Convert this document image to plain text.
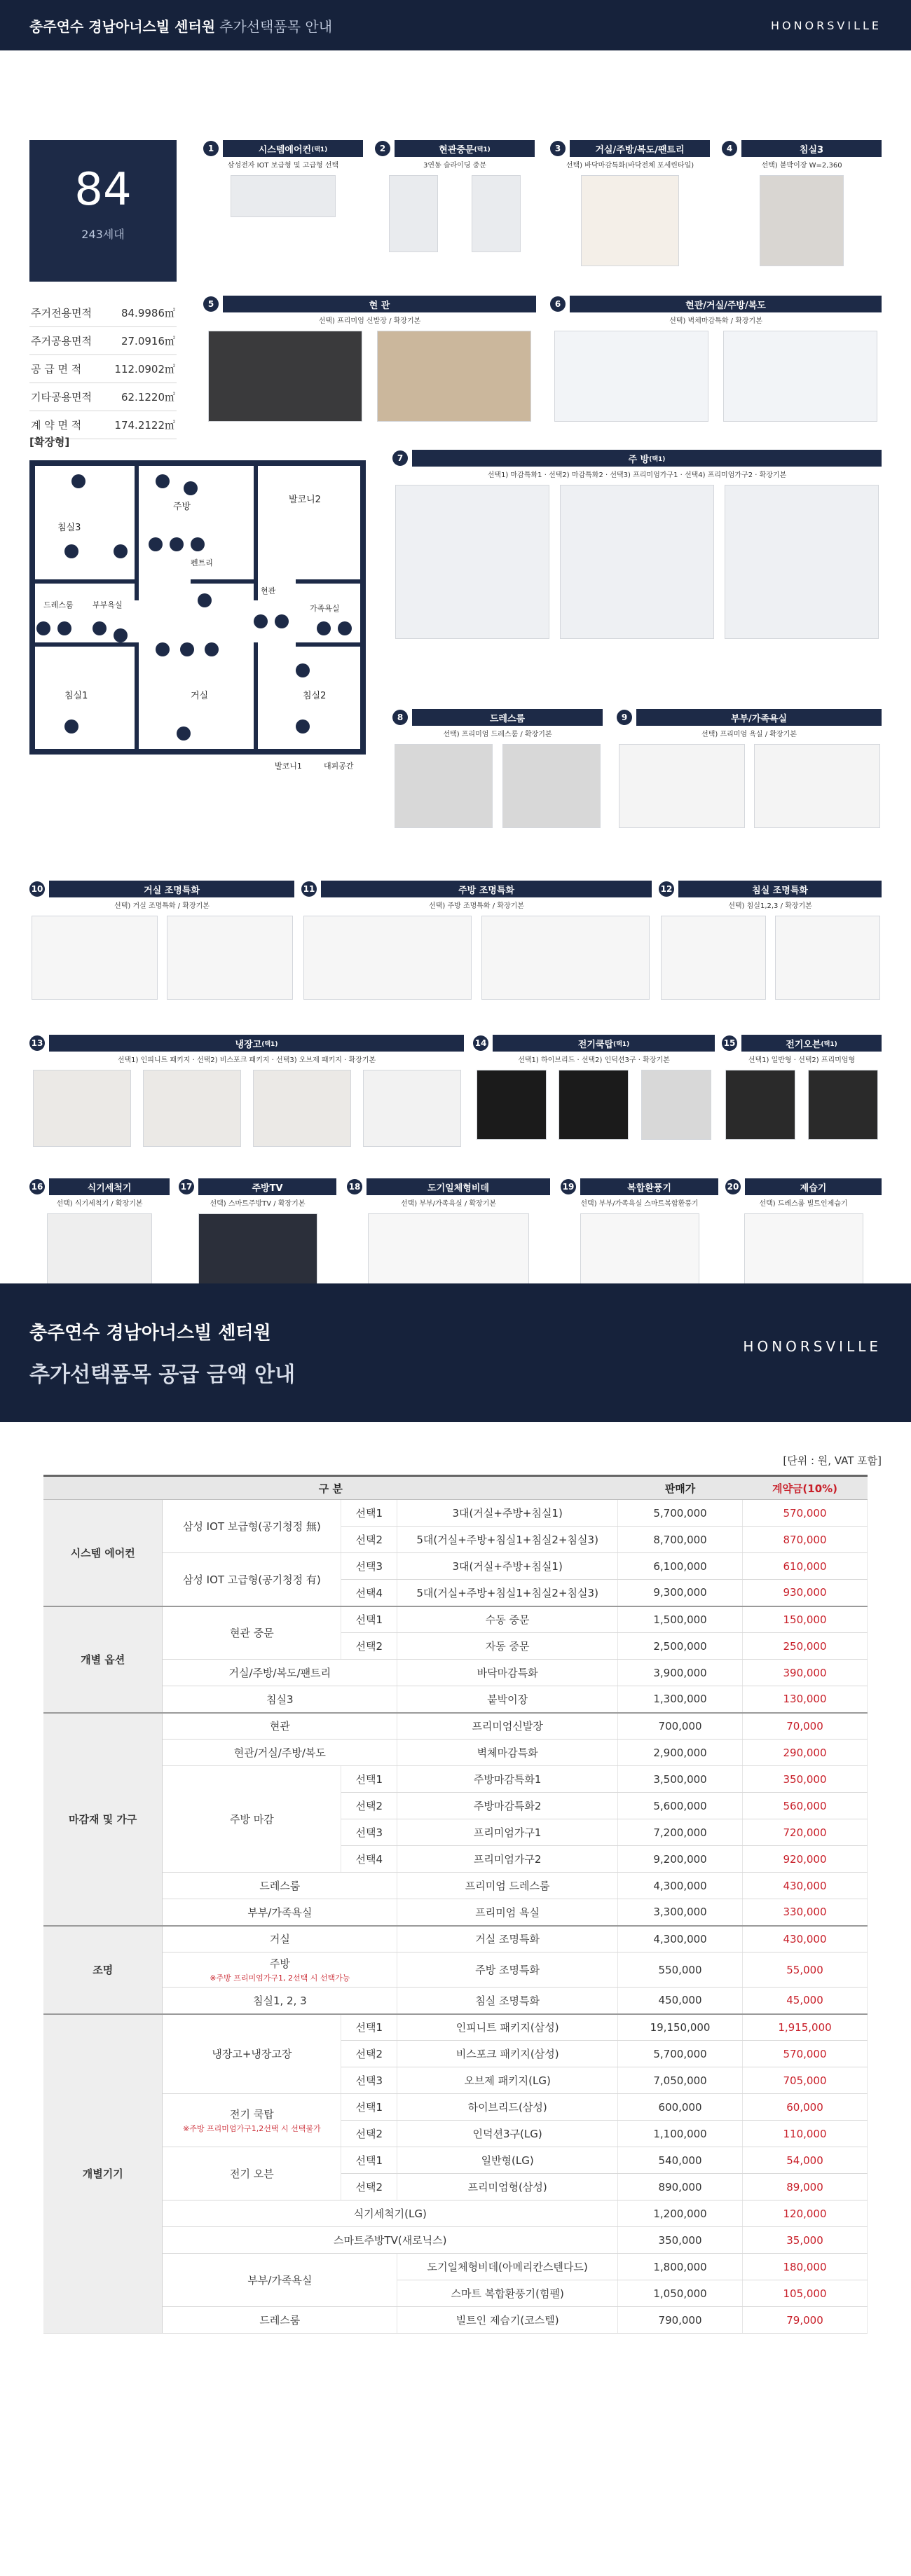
충주연수 경남아너스빌 센터원 추가선택품목 안내	HONORSVILLE
84
243세대
주거전용면적	84.9986㎡
주거공용면적	27.0916㎡
공 급 면 적	112.0902㎡
기타공용면적	62.1220㎡
계 약 면 적	174.2122㎡
[확장형]
침실3
주방
발코니2
펜트리
드레스룸 부부욕실
침실1	거실	침실2
현관
가족욕실
발코니1	대피공간
1	시스템에어컨 (택1)
삼성전자 IOT 보급형 및 고급형 선택
2	현관중문 (택1)
3연동 슬라이딩 중문
3	거실/주방/복도/팬트리
선택) 바닥마감특화(바닥전체 포세린타일)
4	침실3
선택) 붙박이장 W=2,360
5	현 관
선택) 프리미엄 신발장 / 확장기본
6	현관/거실/주방/복도
선택) 벽체마감특화 / 확장기본
7	주 방 (택1)
선택1) 마감특화1 · 선택2) 마감특화2 · 선택3) 프리미엄가구1 · 선택4) 프리미엄가구2 · 확장기본
8	드레스룸
선택) 프리미엄 드레스룸 / 확장기본
9	부부/가족욕실
선택) 프리미엄 욕실 / 확장기본
10	거실 조명특화
선택) 거실 조명특화 / 확장기본
11	주방 조명특화
선택) 주방 조명특화 / 확장기본
12	침실 조명특화
선택) 침실1,2,3 / 확장기본
13	냉장고 (택1)
선택1) 인피니트 패키지 · 선택2) 비스포크 패키지 · 선택3) 오브제 패키지 · 확장기본
14	전기쿡탑 (택1)
선택1) 하이브리드 · 선택2) 인덕션3구 · 확장기본
15	전기오븐 (택1)
선택1) 일반형 · 선택2) 프리미엄형
16	식기세척기
선택) 식기세척기 / 확장기본
17	주방TV
선택) 스마트주방TV / 확장기본
18	도기일체형비데
선택) 부부/가족욕실 / 확장기본
19	복합환풍기
선택) 부부/가족욕실 스마트복합환풍기
20	제습기
선택) 드레스룸 빌트인제습기
충주연수 경남아너스빌 센터원
추가선택품목 공급 금액 안내
HONORSVILLE
[단위 : 원, VAT 포함]
구 분				판매가	계약금(10%)
시스템 에어컨	삼성 IOT 보급형(공기청정 無)	선택1	3대(거실+주방+침실1)	5,700,000	570,000
		선택2	5대(거실+주방+침실1+침실2+침실3)	8,700,000	870,000
	삼성 IOT 고급형(공기청정 有)	선택3	3대(거실+주방+침실1)	6,100,000	610,000
		선택4	5대(거실+주방+침실1+침실2+침실3)	9,300,000	930,000
개별 옵션	현관 중문	선택1	수동 중문	1,500,000	150,000
		선택2	자동 중문	2,500,000	250,000
	거실/주방/복도/팬트리		바닥마감특화	3,900,000	390,000
	침실3		붙박이장	1,300,000	130,000
마감재 및 가구	현관		프리미엄신발장	700,000	70,000
	현관/거실/주방/복도		벽체마감특화	2,900,000	290,000
	주방 마감	선택1	주방마감특화1	3,500,000	350,000
		선택2	주방마감특화2	5,600,000	560,000
		선택3	프리미엄가구1	7,200,000	720,000
		선택4	프리미엄가구2	9,200,000	920,000
	드레스룸		프리미엄 드레스룸	4,300,000	430,000
	부부/가족욕실		프리미엄 욕실	3,300,000	330,000
조명	거실		거실 조명특화	4,300,000	430,000
	주방
※주방 프리미엄가구1, 2선택 시 선택가능		주방 조명특화	550,000	55,000
	침실1, 2, 3		침실 조명특화	450,000	45,000
개별기기	냉장고+냉장고장	선택1	인피니트 패키지(삼성)	19,150,000	1,915,000
		선택2	비스포크 패키지(삼성)	5,700,000	570,000
		선택3	오브제 패키지(LG)	7,050,000	705,000
	전기 쿡탑
※주방 프리미엄가구1,2선택 시 선택불가	선택1	하이브리드(삼성)	600,000	60,000
		선택2	인덕션3구(LG)	1,100,000	110,000
	전기 오븐	선택1	일반형(LG)	540,000	54,000
		선택2	프리미엄형(삼성)	890,000	89,000
	식기세척기(LG)			1,200,000	120,000
	스마트주방TV(새로닉스)			350,000	35,000
	부부/가족욕실		도기일체형비데(아메리칸스텐다드)	1,800,000	180,000
			스마트 복합환풍기(힘펠)	1,050,000	105,000
	드레스룸		빌트인 제습기(코스텔)	790,000	79,000
